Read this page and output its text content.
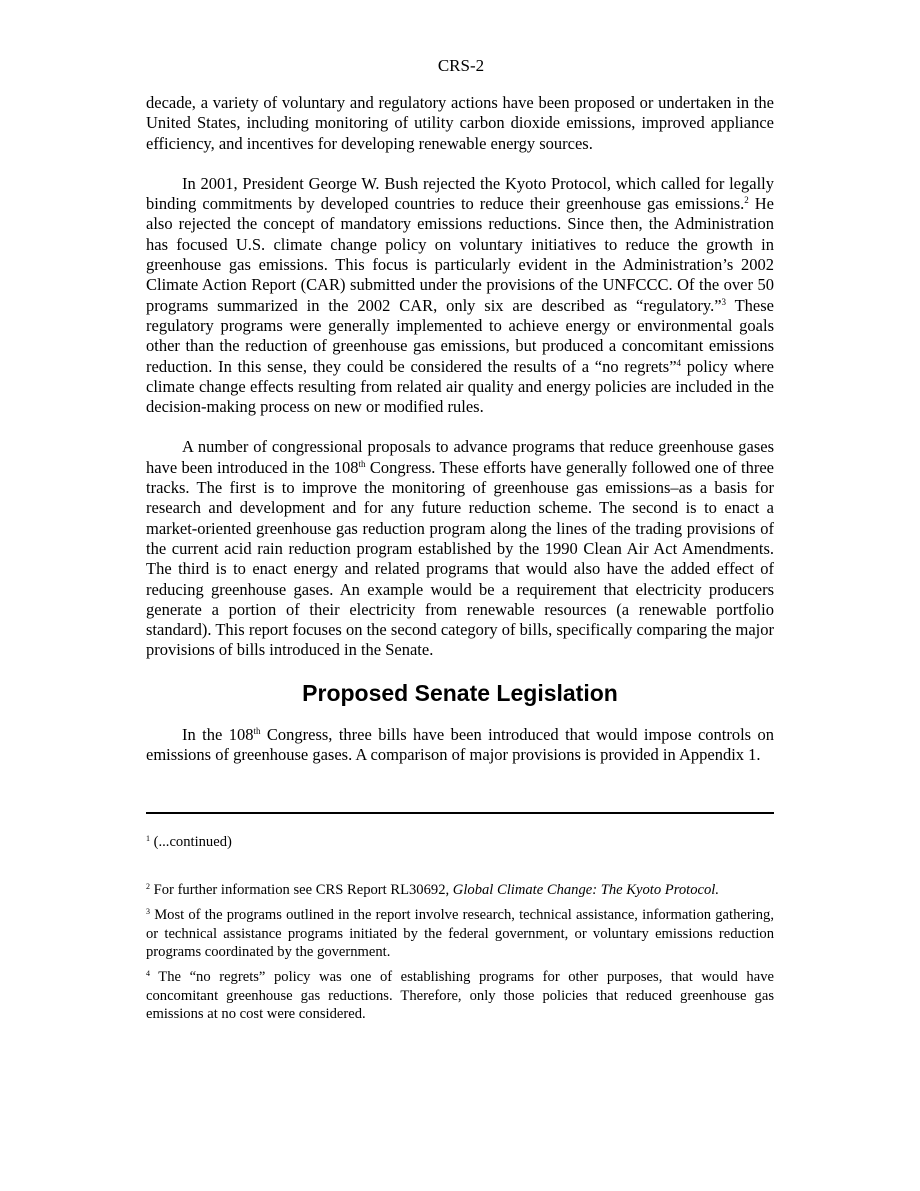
CRS-2

decade, a variety of voluntary and regulatory actions have been proposed or undertaken in the United States, including monitoring of utility carbon dioxide emissions, improved appliance efficiency, and incentives for developing renewable energy sources.

In 2001, President George W. Bush rejected the Kyoto Protocol, which called for legally binding commitments by developed countries to reduce their greenhouse gas emissions.$^2$ He also rejected the concept of mandatory emissions reductions. Since then, the Administration has focused U.S. climate change policy on voluntary initiatives to reduce the growth in greenhouse gas emissions. This focus is particularly evident in the Administration’s 2002 Climate Action Report (CAR) submitted under the provisions of the UNFCCC. Of the over 50 programs summarized in the 2002 CAR, only six are described as “regulatory.”$^3$ These regulatory programs were generally implemented to achieve energy or environmental goals other than the reduction of greenhouse gas emissions, but produced a concomitant emissions reduction. In this sense, they could be considered the results of a “no regrets”$^4$ policy where climate change effects resulting from related air quality and energy policies are included in the decision-making process on new or modified rules.

A number of congressional proposals to advance programs that reduce greenhouse gases have been introduced in the 108th Congress. These efforts have generally followed one of three tracks. The first is to improve the monitoring of greenhouse gas emissions–as a basis for research and development and for any future reduction scheme. The second is to enact a market-oriented greenhouse gas reduction program along the lines of the trading provisions of the current acid rain reduction program established by the 1990 Clean Air Act Amendments. The third is to enact energy and related programs that would also have the added effect of reducing greenhouse gases. An example would be a requirement that electricity producers generate a portion of their electricity from renewable resources (a renewable portfolio standard). This report focuses on the second category of bills, specifically comparing the major provisions of bills introduced in the Senate.

Proposed Senate Legislation

In the 108th Congress, three bills have been introduced that would impose controls on emissions of greenhouse gases. A comparison of major provisions is provided in Appendix 1.

$^1$ (...continued)

$^2$ For further information see CRS Report RL30692, Global Climate Change: The Kyoto Protocol.

$^3$ Most of the programs outlined in the report involve research, technical assistance, information gathering, or technical assistance programs initiated by the federal government, or voluntary emissions reduction programs coordinated by the government.

$^4$ The “no regrets” policy was one of establishing programs for other purposes, that would have concomitant greenhouse gas reductions. Therefore, only those policies that reduced greenhouse gas emissions at no cost were considered.
